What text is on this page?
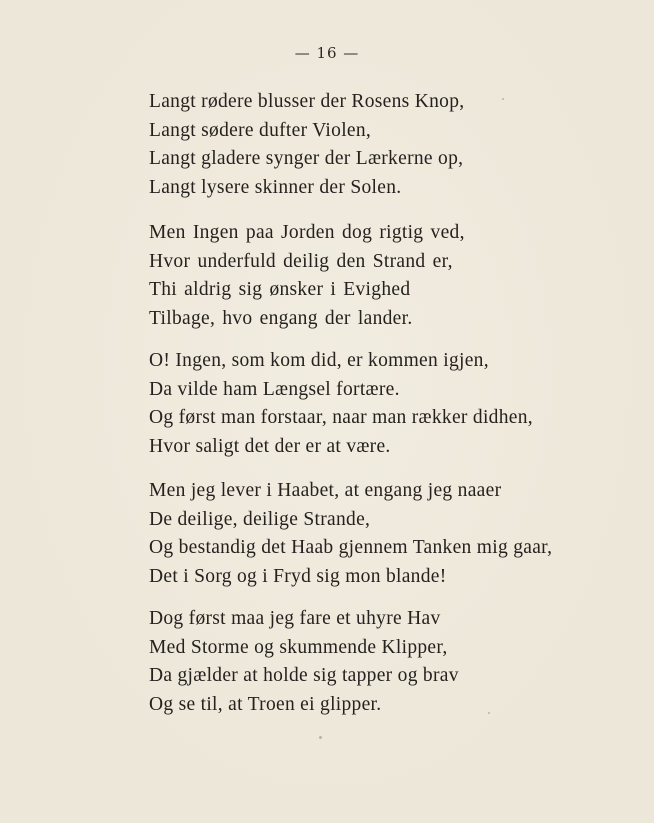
— 16 —
Langt rødere blusser der Rosens Knop,
Langt sødere dufter Violen,
Langt gladere synger der Lærkerne op,
Langt lysere skinner der Solen.
Men Ingen paa Jorden dog rigtig ved,
Hvor underfuld deilig den Strand er,
Thi aldrig sig ønsker i Evighed
Tilbage, hvo engang der lander.
O! Ingen, som kom did, er kommen igjen,
Da vilde ham Længsel fortære.
Og først man forstaar, naar man rækker didhen,
Hvor saligt det der er at være.
Men jeg lever i Haabet, at engang jeg naaer
De deilige, deilige Strande,
Og bestandig det Haab gjennem Tanken mig gaar,
Det i Sorg og i Fryd sig mon blande!
Dog først maa jeg fare et uhyre Hav
Med Storme og skummende Klipper,
Da gjælder at holde sig tapper og brav
Og se til, at Troen ei glipper.
